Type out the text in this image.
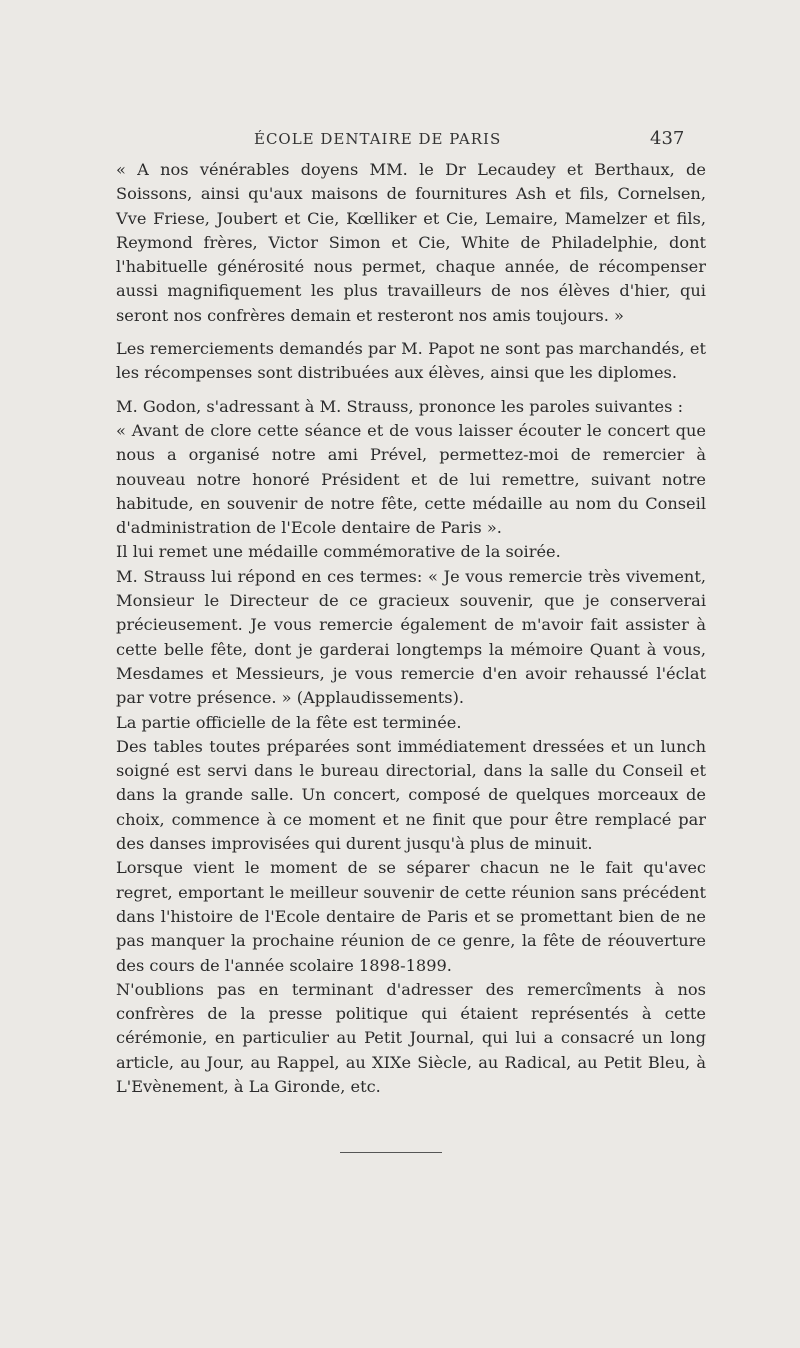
ÉCOLE DENTAIRE DE PARIS	437

« A nos vénérables doyens MM. le Dr Lecaudey et Berthaux, de Soissons, ainsi qu'aux maisons de fournitures Ash et fils, Cornelsen, Vve Friese, Joubert et Cie, Kœlliker et Cie, Lemaire, Mamelzer et fils, Reymond frères, Victor Simon et Cie, White de Philadelphie, dont l'habituelle générosité nous permet, chaque année, de récompenser aussi magnifiquement les plus travailleurs de nos élèves d'hier, qui seront nos confrères demain et resteront nos amis toujours. »

Les remerciements demandés par M. Papot ne sont pas marchandés, et les récompenses sont distribuées aux élèves, ainsi que les diplomes.

M. Godon, s'adressant à M. Strauss, prononce les paroles suivantes :

« Avant de clore cette séance et de vous laisser écouter le concert que nous a organisé notre ami Prével, permettez-moi de remercier à nouveau notre honoré Président et de lui remettre, suivant notre habitude, en souvenir de notre fête, cette médaille au nom du Conseil d'administration de l'Ecole dentaire de Paris ».

Il lui remet une médaille commémorative de la soirée.

M. Strauss lui répond en ces termes: « Je vous remercie très vivement, Monsieur le Directeur de ce gracieux souvenir, que je conserverai précieusement. Je vous remercie également de m'avoir fait assister à cette belle fête, dont je garderai longtemps la mémoire Quant à vous, Mesdames et Messieurs, je vous remercie d'en avoir rehaussé l'éclat par votre présence. » (Applaudissements).

La partie officielle de la fête est terminée.

Des tables toutes préparées sont immédiatement dressées et un lunch soigné est servi dans le bureau directorial, dans la salle du Conseil et dans la grande salle. Un concert, composé de quelques morceaux de choix, commence à ce moment et ne finit que pour être remplacé par des danses improvisées qui durent jusqu'à plus de minuit.

Lorsque vient le moment de se séparer chacun ne le fait qu'avec regret, emportant le meilleur souvenir de cette réunion sans précédent dans l'histoire de l'Ecole dentaire de Paris et se promettant bien de ne pas manquer la prochaine réunion de ce genre, la fête de réouverture des cours de l'année scolaire 1898-1899.

N'oublions pas en terminant d'adresser des remercîments à nos confrères de la presse politique qui étaient représentés à cette cérémonie, en particulier au Petit Journal, qui lui a consacré un long article, au Jour, au Rappel, au XIXe Siècle, au Radical, au Petit Bleu, à L'Evènement, à La Gironde, etc.
